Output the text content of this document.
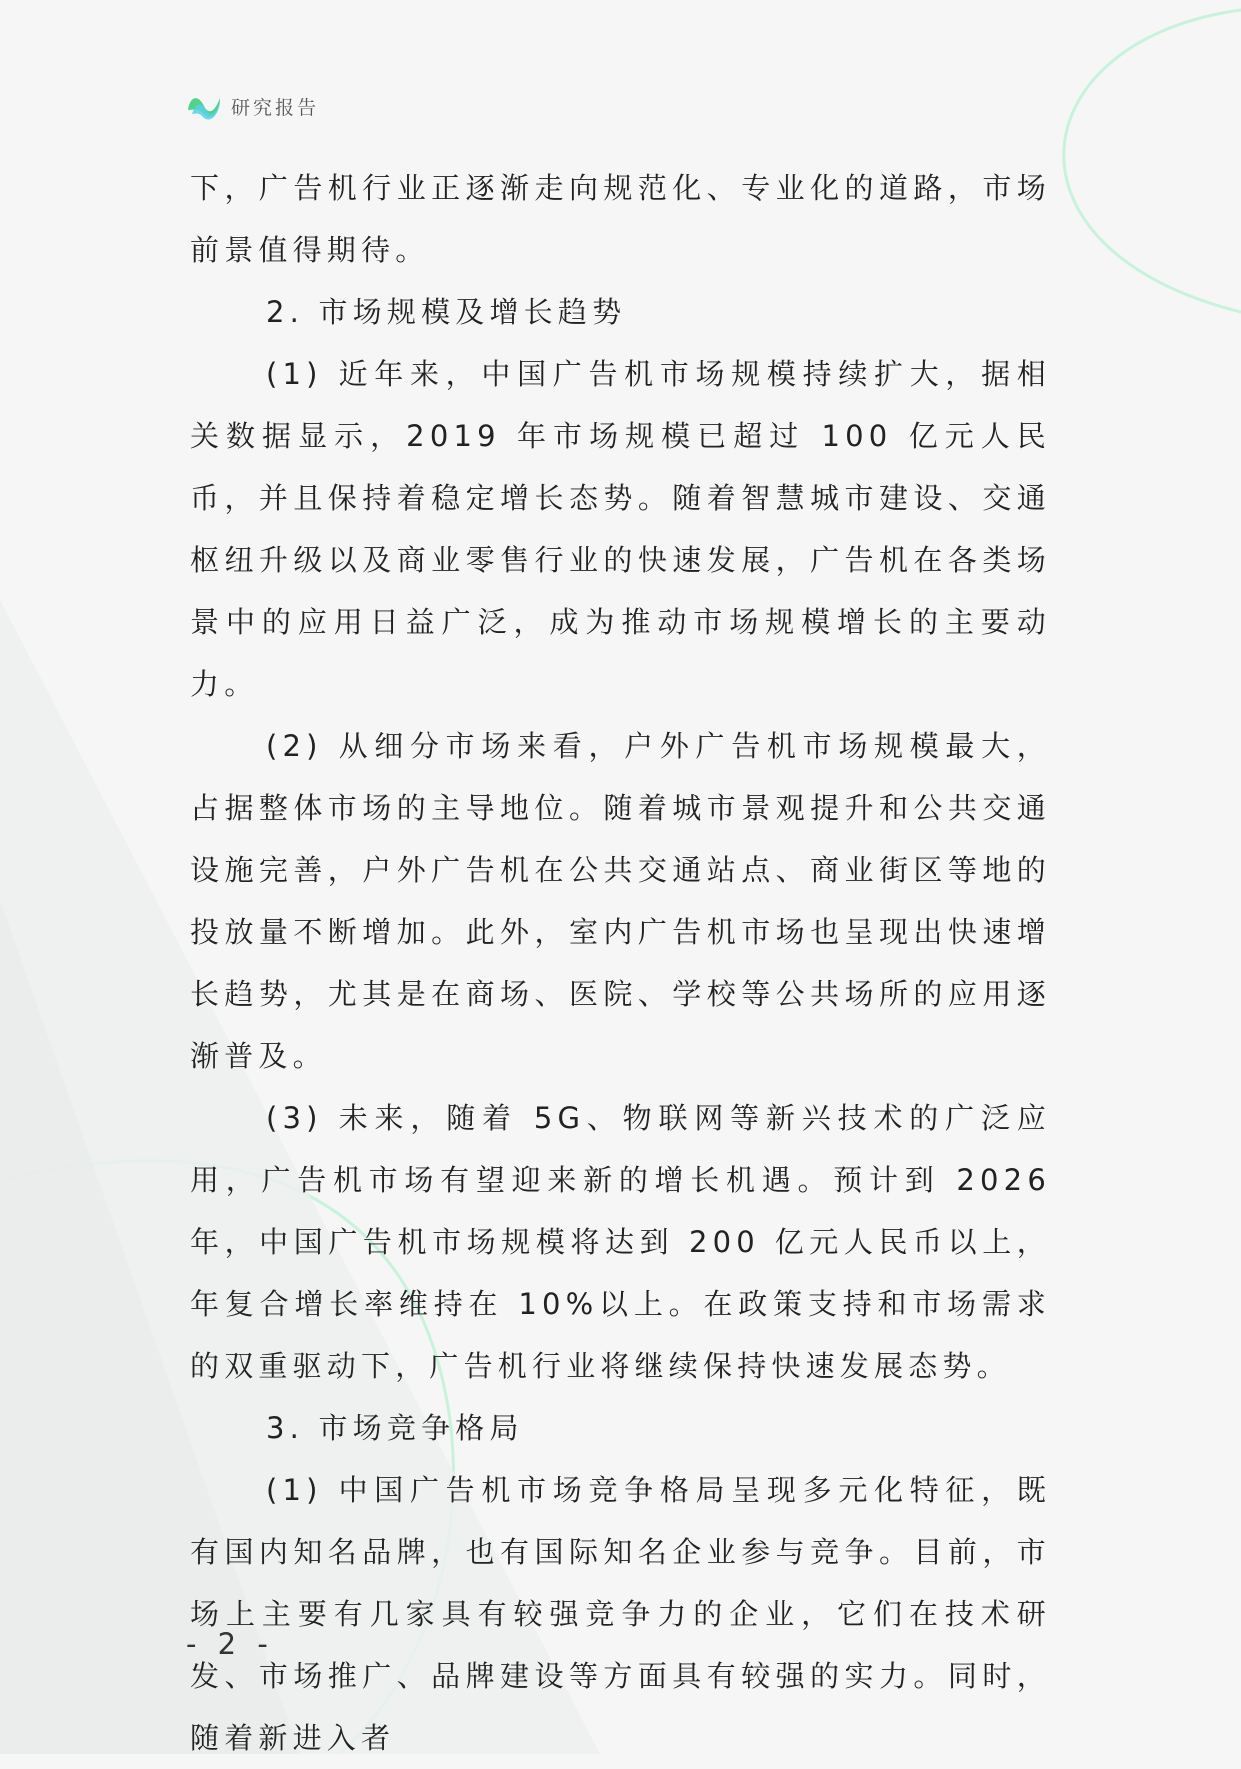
研究报告

下，广告机行业正逐渐走向规范化、专业化的道路，市场前景值得期待。

2. 市场规模及增长趋势

(1) 近年来，中国广告机市场规模持续扩大，据相关数据显示，2019 年市场规模已超过 100 亿元人民币，并且保持着稳定增长态势。随着智慧城市建设、交通枢纽升级以及商业零售行业的快速发展，广告机在各类场景中的应用日益广泛，成为推动市场规模增长的主要动力。

(2) 从细分市场来看，户外广告机市场规模最大，占据整体市场的主导地位。随着城市景观提升和公共交通设施完善，户外广告机在公共交通站点、商业街区等地的投放量不断增加。此外，室内广告机市场也呈现出快速增长趋势，尤其是在商场、医院、学校等公共场所的应用逐渐普及。

(3) 未来，随着 5G、物联网等新兴技术的广泛应用，广告机市场有望迎来新的增长机遇。预计到 2026 年，中国广告机市场规模将达到 200 亿元人民币以上，年复合增长率维持在 10%以上。在政策支持和市场需求的双重驱动下，广告机行业将继续保持快速发展态势。

3. 市场竞争格局

(1) 中国广告机市场竞争格局呈现多元化特征，既有国内知名品牌，也有国际知名企业参与竞争。目前，市场上主要有几家具有较强竞争力的企业，它们在技术研发、市场推广、品牌建设等方面具有较强的实力。同时，随着新进入者

- 2 -
